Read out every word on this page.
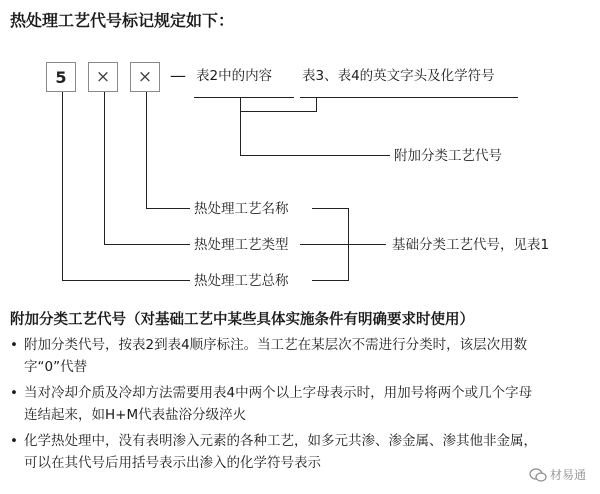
热处理工艺代号标记规定如下：
5	×	×	— 表2中的内容 表3、表4的英文字头及化学符号
附加分类工艺代号
热处理工艺名称
热处理工艺类型
热处理工艺总称
基础分类工艺代号，见表1
附加分类工艺代号（对基础工艺中某些具体实施条件有明确要求时使用）
• 附加分类代号，按表2到表4顺序标注。当工艺在某层次不需进行分类时，该层次用数
字“0”代替
• 当对冷却介质及冷却方法需要用表4中两个以上字母表示时，用加号将两个或几个字母
连结起来，如H+M代表盐浴分级淬火
• 化学热处理中，没有表明渗入元素的各种工艺，如多元共渗、渗金属、渗其他非金属，
可以在其代号后用括号表示出渗入的化学符号表示
材易通
